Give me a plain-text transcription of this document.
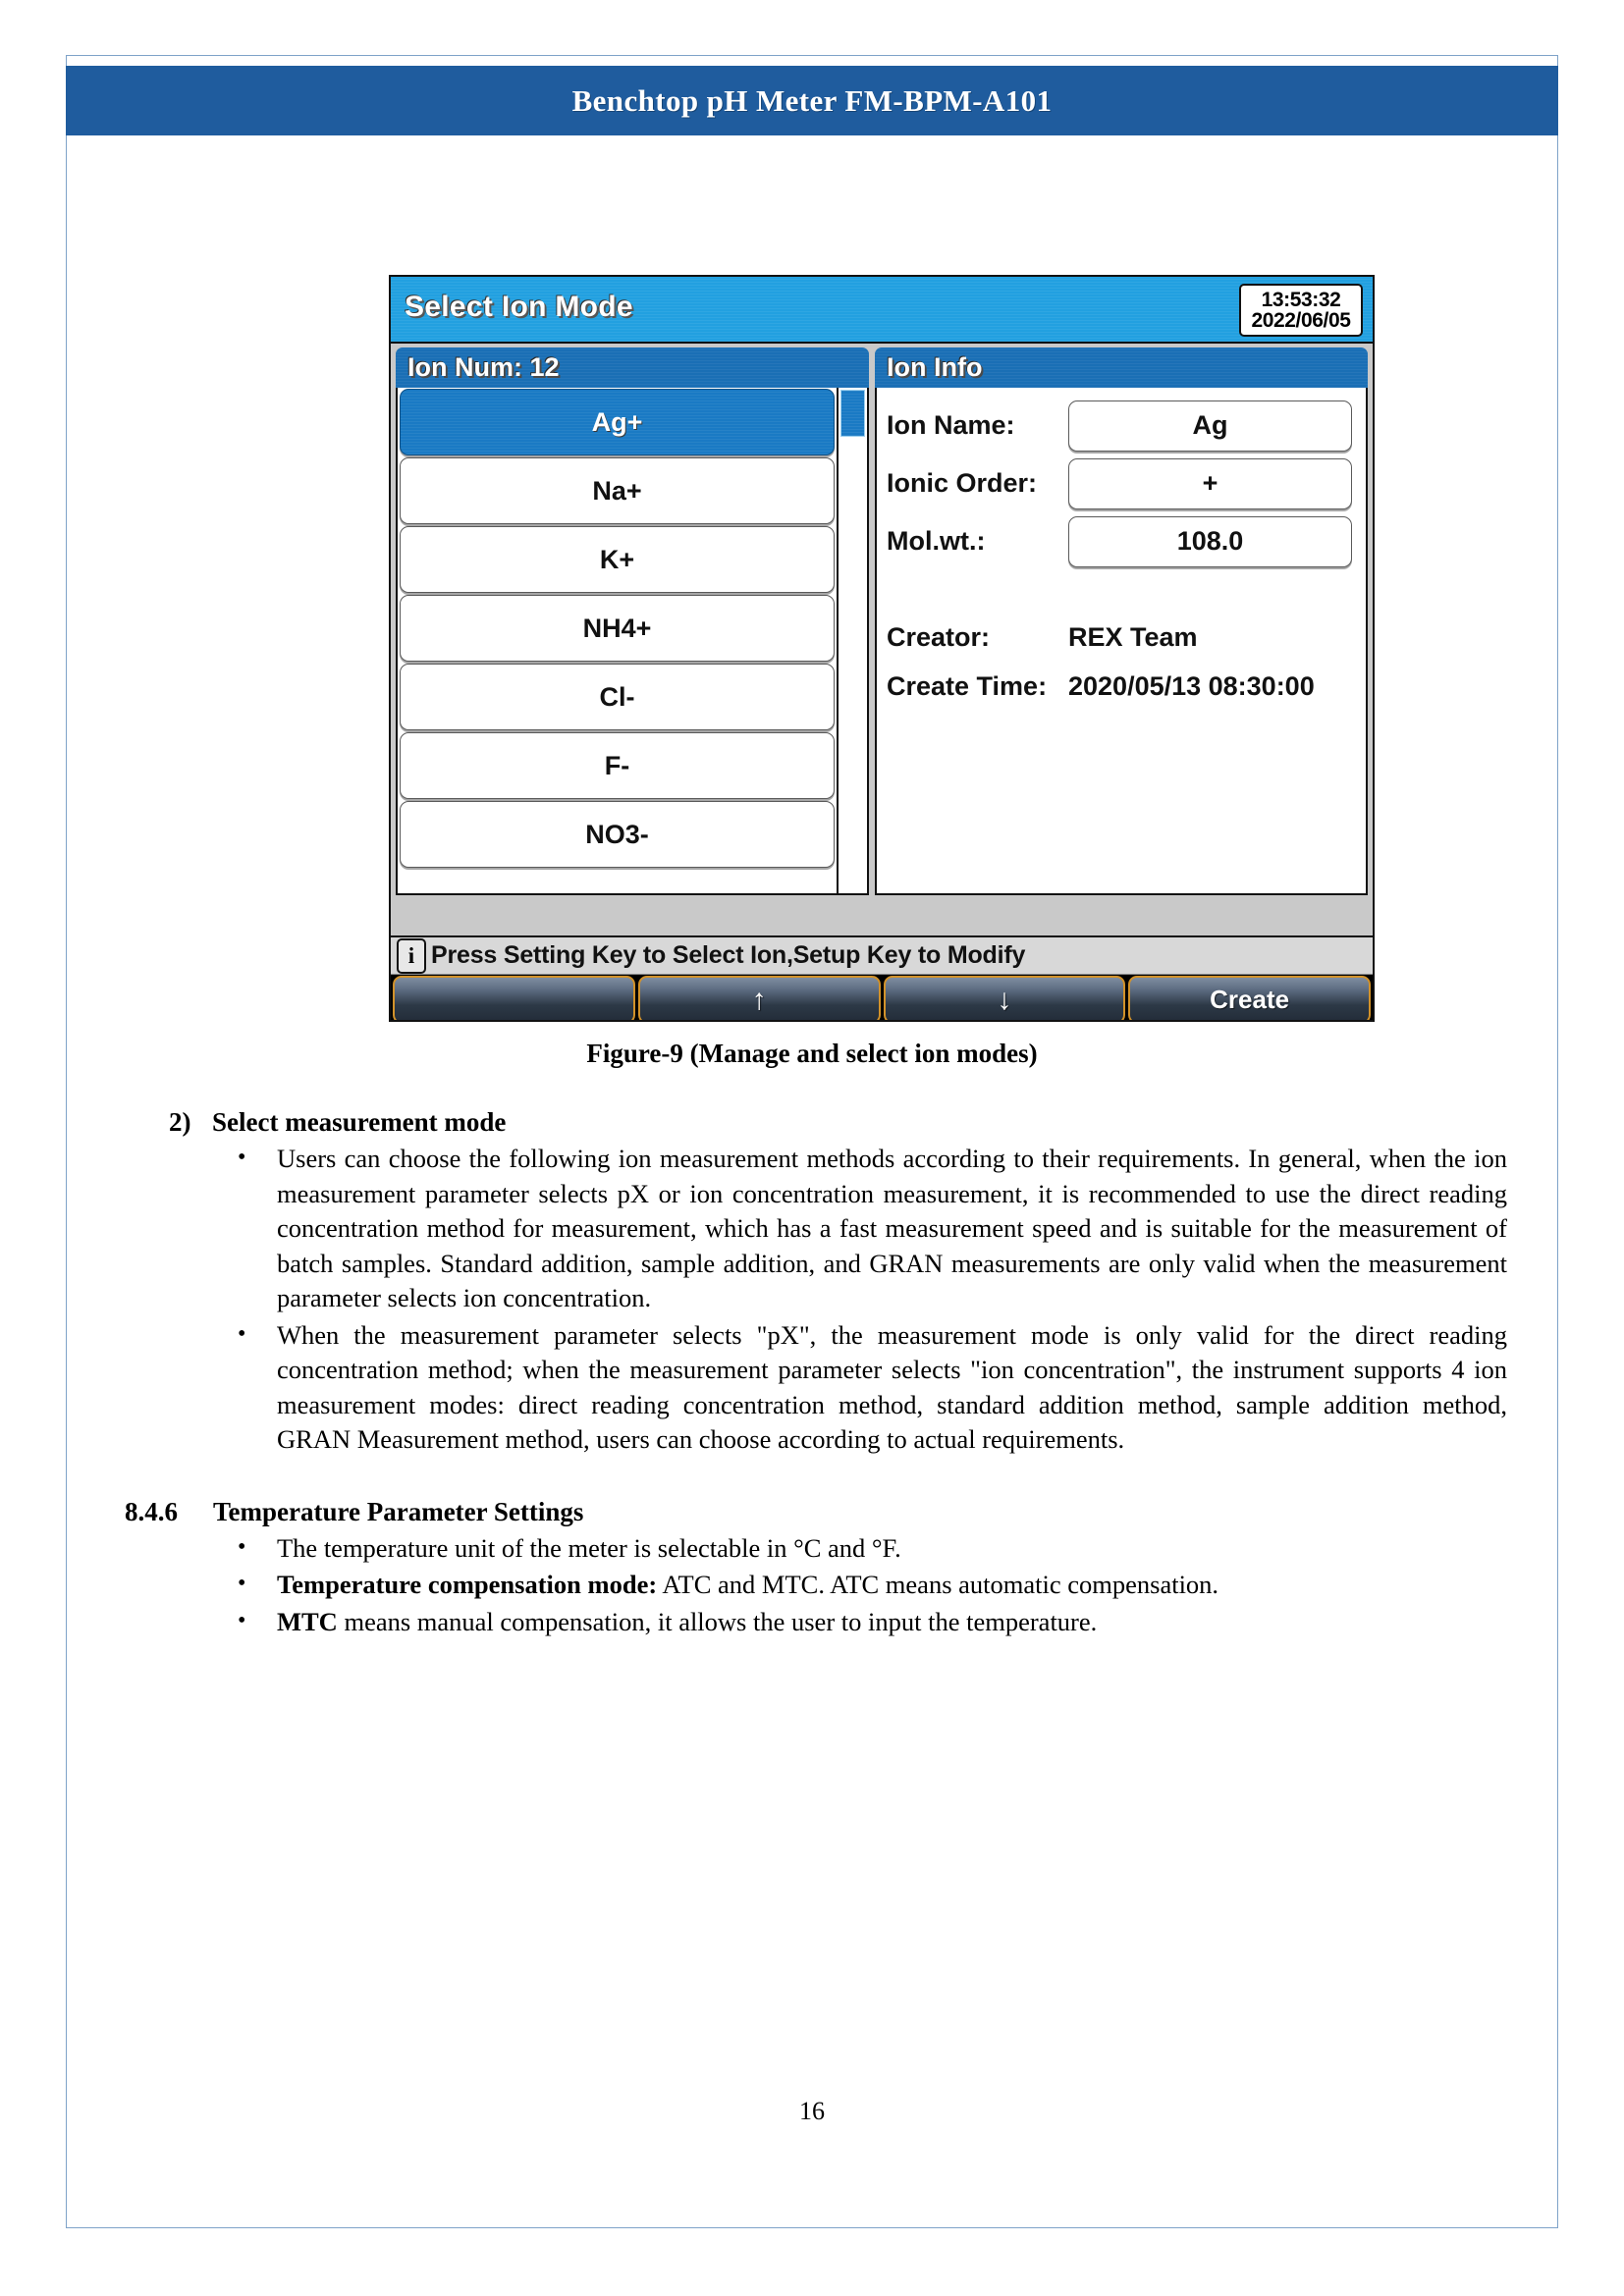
Benchtop pH Meter FM-BPM-A101
Select Ion Mode	13:53:32
2022/06/05
Ion Num: 12
Ag+
Na+
K+
NH4+
Cl-
F-
NO3-
Ion Info
Ion Name:	Ag
Ionic Order:	+
Mol.wt.:	108.0
Creator:	REX Team
Create Time: 2020/05/13 08:30:00
i Press Setting Key to Select Ion,Setup Key to Modify
↑	↓	Create
Figure-9 (Manage and select ion modes)
2) Select measurement mode
• Users can choose the following ion measurement methods according to their requirements. In general, when the ion measurement parameter selects pX or ion concentration measurement, it is recommended to use the direct reading concentration method for measurement, which has a fast measurement speed and is suitable for the measurement of batch samples. Standard addition, sample addition, and GRAN measurements are only valid when the measurement parameter selects ion concentration.
• When the measurement parameter selects "pX", the measurement mode is only valid for the direct reading concentration method; when the measurement parameter selects "ion concentration", the instrument supports 4 ion measurement modes: direct reading concentration method, standard addition method, sample addition method, GRAN Measurement method, users can choose according to actual requirements.
8.4.6	Temperature Parameter Settings
• The temperature unit of the meter is selectable in °C and °F.
• Temperature compensation mode: ATC and MTC. ATC means automatic compensation.
• MTC means manual compensation, it allows the user to input the temperature.
16
